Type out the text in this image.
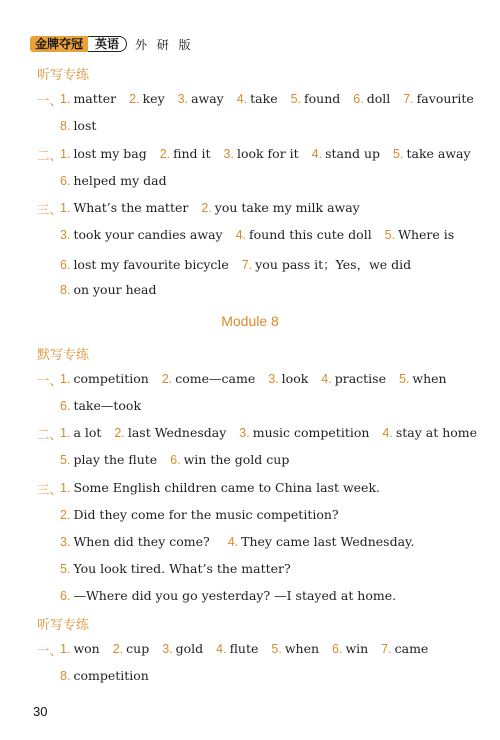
金牌夺冠	英语	外 研 版
听写专练
一、
1. matter 2. key 3. away 4. take 5. found 6. doll 7. favourite
8. lost
二、
1. lost my bag 2. find it 3. look for it 4. stand up 5. take away
6. helped my dad
三、
1. What’s the matter 2. you take my milk away
3. took your candies away 4. found this cute doll 5. Where is
6. lost my favourite bicycle 7. you pass it；Yes，we did
8. on your head
Module 8
默写专练
一、
1. competition 2. come—came 3. look 4. practise 5. when
6. take—took
二、
1. a lot 2. last Wednesday 3. music competition 4. stay at home
5. play the flute 6. win the gold cup
三、
1. Some English children came to China last week.
2. Did they come for the music competition?
3. When did they come? 4. They came last Wednesday.
5. You look tired. What’s the matter?
6. —Where did you go yesterday? —I stayed at home.
听写专练
一、
1. won 2. cup 3. gold 4. flute 5. when 6. win 7. came
8. competition
30
